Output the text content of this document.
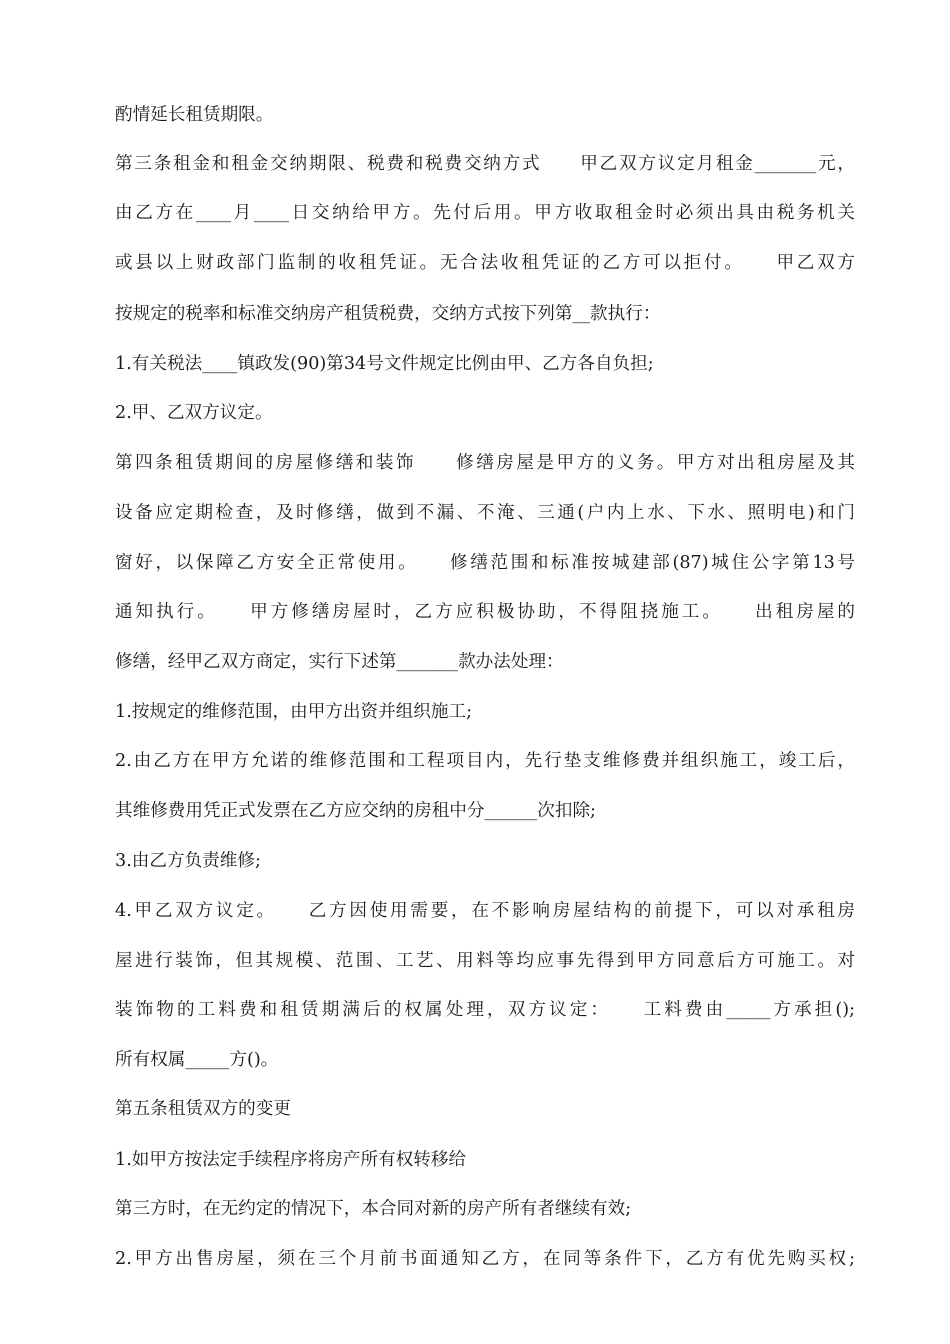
酌情延长租赁期限。
第三条租金和租金交纳期限、税费和税费交纳方式　　甲乙双方议定月租金_______元，
由乙方在____月____日交纳给甲方。先付后用。甲方收取租金时必须出具由税务机关
或县以上财政部门监制的收租凭证。无合法收租凭证的乙方可以拒付。　　甲乙双方
按规定的税率和标准交纳房产租赁税费，交纳方式按下列第__款执行：
1.有关税法____镇政发(90)第34号文件规定比例由甲、乙方各自负担;
2.甲、乙双方议定。
第四条租赁期间的房屋修缮和装饰　　修缮房屋是甲方的义务。甲方对出租房屋及其
设备应定期检查，及时修缮，做到不漏、不淹、三通(户内上水、下水、照明电)和门
窗好，以保障乙方安全正常使用。　　修缮范围和标准按城建部(87)城住公字第13号
通知执行。　　甲方修缮房屋时，乙方应积极协助，不得阻挠施工。　　出租房屋的
修缮，经甲乙双方商定，实行下述第_______款办法处理：
1.按规定的维修范围，由甲方出资并组织施工;
2.由乙方在甲方允诺的维修范围和工程项目内，先行垫支维修费并组织施工，竣工后，
其维修费用凭正式发票在乙方应交纳的房租中分______次扣除;
3.由乙方负责维修;
4.甲乙双方议定。　　乙方因使用需要，在不影响房屋结构的前提下，可以对承租房
屋进行装饰，但其规模、范围、工艺、用料等均应事先得到甲方同意后方可施工。对
装饰物的工料费和租赁期满后的权属处理，双方议定：　　工料费由_____方承担();
所有权属_____方()。
第五条租赁双方的变更
1.如甲方按法定手续程序将房产所有权转移给
第三方时，在无约定的情况下，本合同对新的房产所有者继续有效;
2.甲方出售房屋，须在三个月前书面通知乙方，在同等条件下，乙方有优先购买权;
